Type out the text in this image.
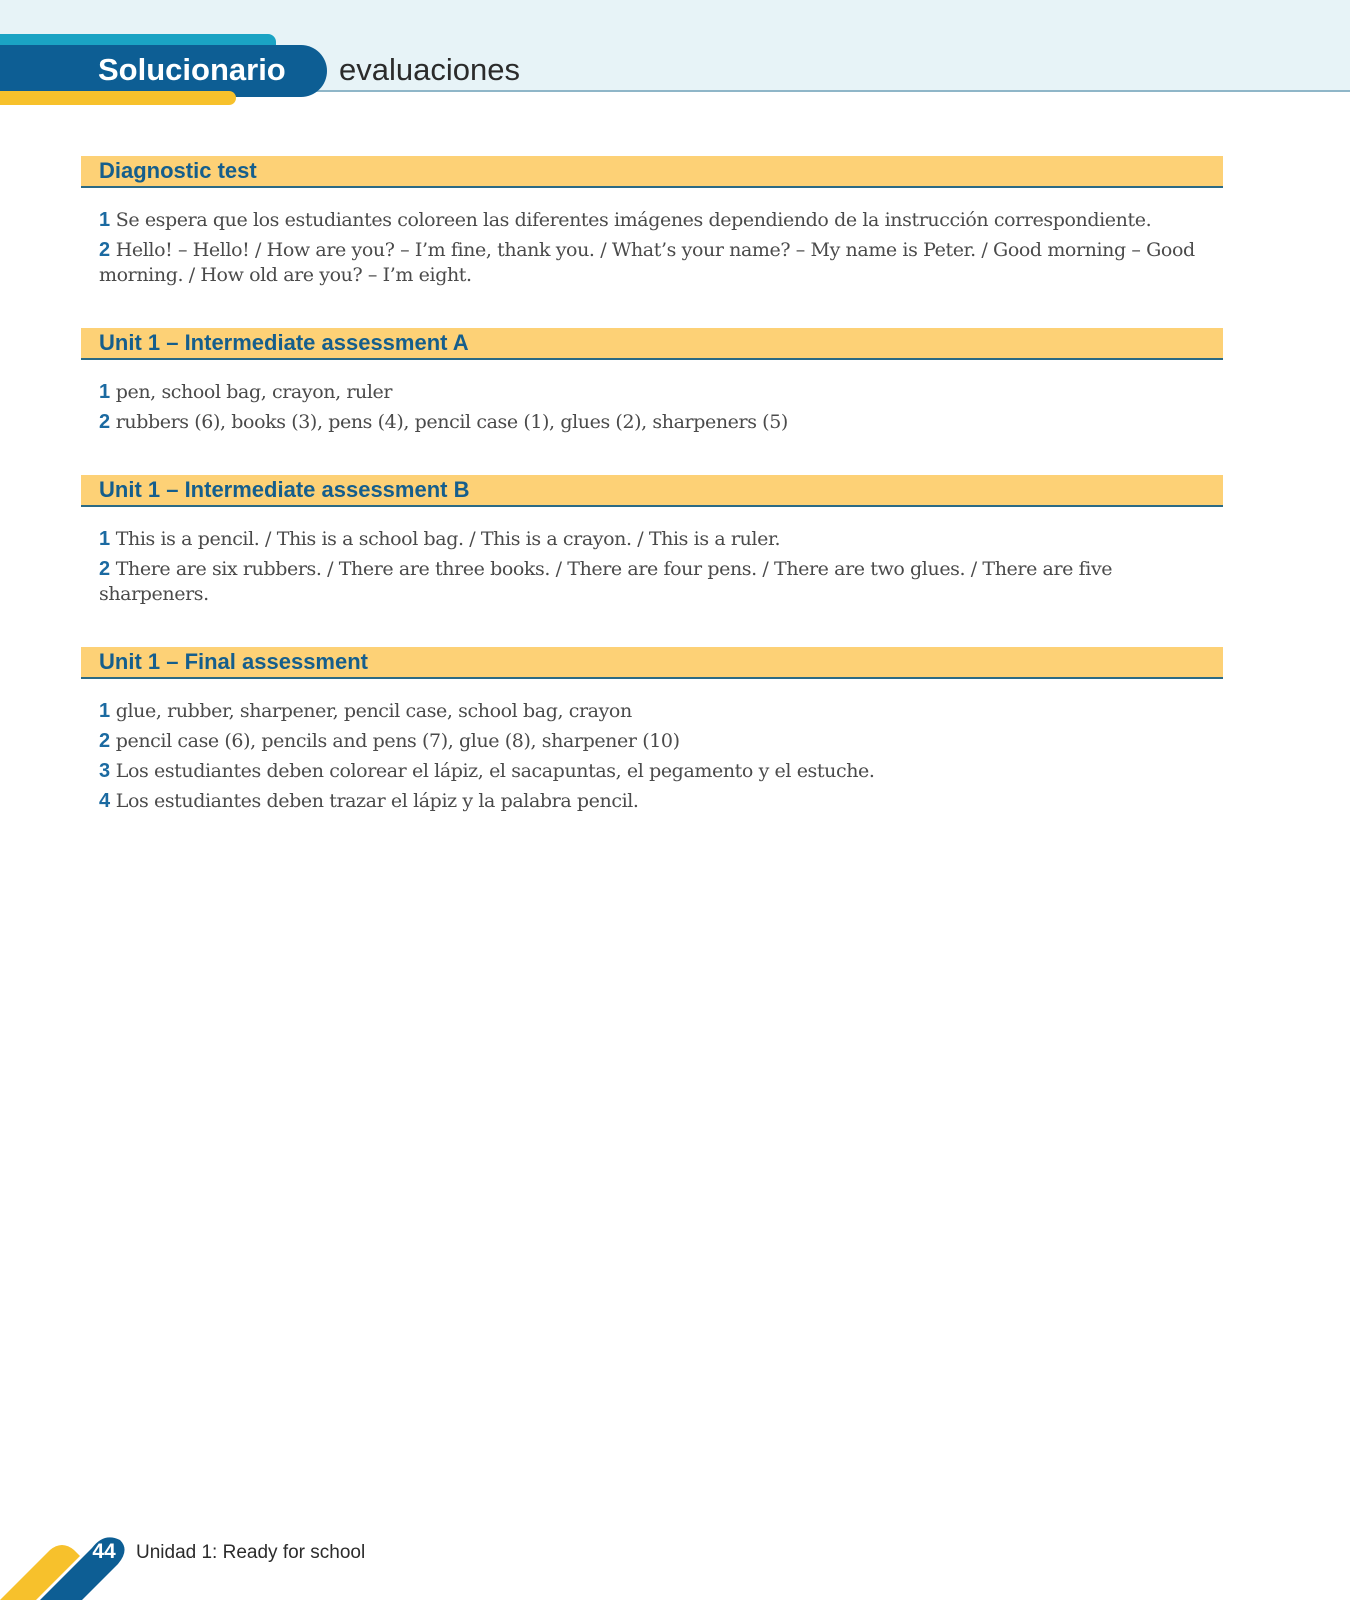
Solucionario evaluaciones
Diagnostic test
1 Se espera que los estudiantes coloreen las diferentes imágenes dependiendo de la instrucción correspondiente.
2 Hello! – Hello! / How are you? – I’m fine, thank you. / What’s your name? – My name is Peter. / Good morning – Good morning. / How old are you? – I’m eight.
Unit 1 – Intermediate assessment A
1 pen, school bag, crayon, ruler
2 rubbers (6), books (3), pens (4), pencil case (1), glues (2), sharpeners (5)
Unit 1 – Intermediate assessment B
1 This is a pencil. / This is a school bag. / This is a crayon. / This is a ruler.
2 There are six rubbers. / There are three books. / There are four pens. / There are two glues. / There are five sharpeners.
Unit 1 – Final assessment
1 glue, rubber, sharpener, pencil case, school bag, crayon
2 pencil case (6), pencils and pens (7), glue (8), sharpener (10)
3 Los estudiantes deben colorear el lápiz, el sacapuntas, el pegamento y el estuche.
4 Los estudiantes deben trazar el lápiz y la palabra pencil.
44	Unidad 1: Ready for school
